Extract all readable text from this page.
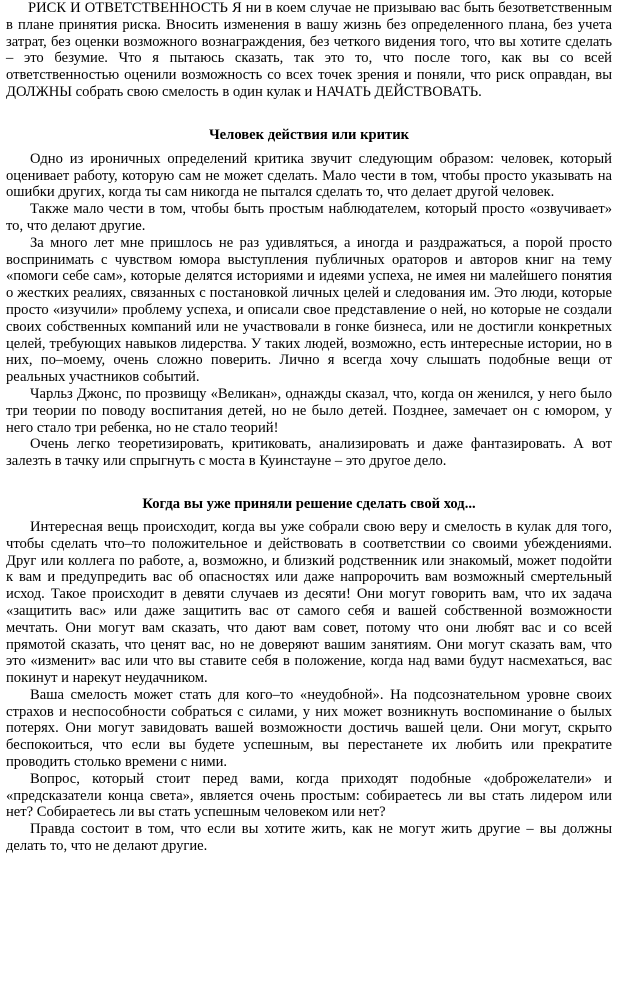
РИСК И ОТВЕТСТВЕННОСТЬ Я ни в коем случае не призываю вас быть безответственным в плане принятия риска. Вносить изменения в вашу жизнь без определенного плана, без учета затрат, без оценки возможного вознаграждения, без четкого видения того, что вы хотите сделать – это безумие. Что я пытаюсь сказать, так это то, что после того, как вы со всей ответственностью оценили возможность со всех точек зрения и поняли, что риск оправдан, вы ДОЛЖНЫ собрать свою смелость в один кулак и НАЧАТЬ ДЕЙСТВОВАТЬ.

Человек действия или критик

Одно из ироничных определений критика звучит следующим образом: человек, который оценивает работу, которую сам не может сделать. Мало чести в том, чтобы просто указывать на ошибки других, когда ты сам никогда не пытался сделать то, что делает другой человек.

Также мало чести в том, чтобы быть простым наблюдателем, который просто «озвучивает» то, что делают другие.

За много лет мне пришлось не раз удивляться, а иногда и раздражаться, а порой просто воспринимать с чувством юмора выступления публичных ораторов и авторов книг на тему «помоги себе сам», которые делятся историями и идеями успеха, не имея ни малейшего понятия о жестких реалиях, связанных с постановкой личных целей и следования им. Это люди, которые просто «изучили» проблему успеха, и описали свое представление о ней, но которые не создали своих собственных компаний или не участвовали в гонке бизнеса, или не достигли конкретных целей, требующих навыков лидерства. У таких людей, возможно, есть интересные истории, но в них, по–моему, очень сложно поверить. Лично я всегда хочу слышать подобные вещи от реальных участников событий.

Чарльз Джонс, по прозвищу «Великан», однажды сказал, что, когда он женился, у него было три теории по поводу воспитания детей, но не было детей. Позднее, замечает он с юмором, у него стало три ребенка, но не стало теорий!

Очень легко теоретизировать, критиковать, анализировать и даже фантазировать. А вот залезть в тачку или спрыгнуть с моста в Куинстауне – это другое дело.

Когда вы уже приняли решение сделать свой ход...

Интересная вещь происходит, когда вы уже собрали свою веру и смелость в кулак для того, чтобы сделать что–то положительное и действовать в соответствии со своими убеждениями. Друг или коллега по работе, а, возможно, и близкий родственник или знакомый, может подойти к вам и предупредить вас об опасностях или даже напророчить вам возможный смертельный исход. Такое происходит в девяти случаев из десяти! Они могут говорить вам, что их задача «защитить вас» или даже защитить вас от самого себя и вашей собственной возможности мечтать. Они могут вам сказать, что дают вам совет, потому что они любят вас и со всей прямотой сказать, что ценят вас, но не доверяют вашим занятиям. Они могут сказать вам, что это «изменит» вас или что вы ставите себя в положение, когда над вами будут насмехаться, вас покинут и нарекут неудачником.

Ваша смелость может стать для кого–то «неудобной». На подсознательном уровне своих страхов и неспособности собраться с силами, у них может возникнуть воспоминание о былых потерях. Они могут завидовать вашей возможности достичь вашей цели. Они могут, скрыто беспокоиться, что если вы будете успешным, вы перестанете их любить или прекратите проводить столько времени с ними.

Вопрос, который стоит перед вами, когда приходят подобные «доброжелатели» и «предсказатели конца света», является очень простым: собираетесь ли вы стать лидером или нет? Собираетесь ли вы стать успешным человеком или нет?

Правда состоит в том, что если вы хотите жить, как не могут жить другие – вы должны делать то, что не делают другие.
